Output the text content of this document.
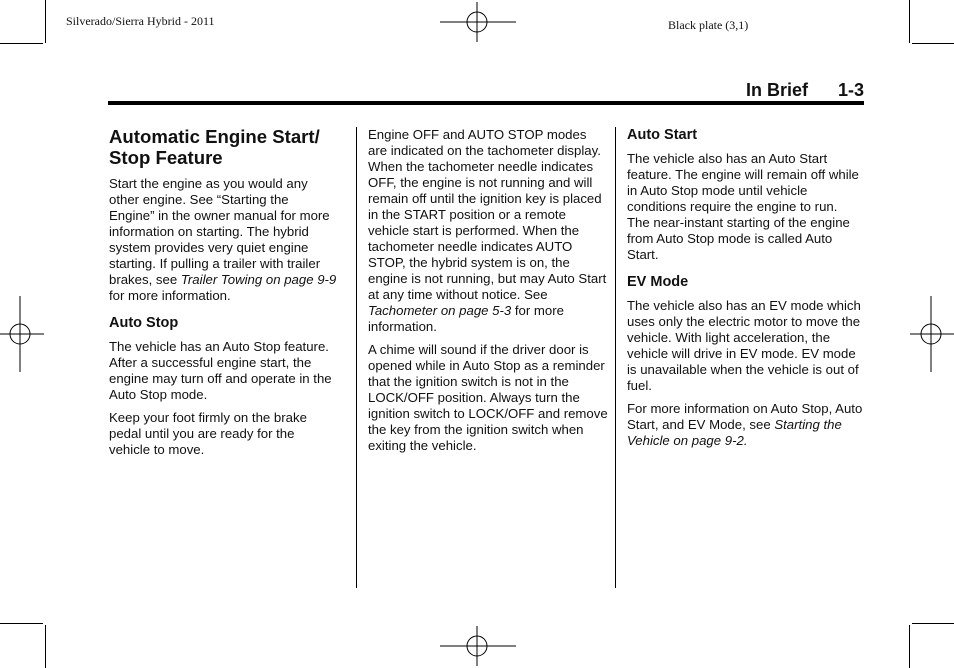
Silverado/Sierra Hybrid - 2011	Black plate (3,1)
In Brief 1-3
Automatic Engine Start/ Stop Feature

Start the engine as you would any other engine. See “Starting the Engine” in the owner manual for more information on starting. The hybrid system provides very quiet engine starting. If pulling a trailer with trailer brakes, see Trailer Towing on page 9-9 for more information.

Auto Stop

The vehicle has an Auto Stop feature. After a successful engine start, the engine may turn off and operate in the Auto Stop mode.

Keep your foot firmly on the brake pedal until you are ready for the vehicle to move.

Engine OFF and AUTO STOP modes are indicated on the tachometer display. When the tachometer needle indicates OFF, the engine is not running and will remain off until the ignition key is placed in the START position or a remote vehicle start is performed. When the tachometer needle indicates AUTO STOP, the hybrid system is on, the engine is not running, but may Auto Start at any time without notice. See Tachometer on page 5-3 for more information.

A chime will sound if the driver door is opened while in Auto Stop as a reminder that the ignition switch is not in the LOCK/OFF position. Always turn the ignition switch to LOCK/OFF and remove the key from the ignition switch when exiting the vehicle.

Auto Start

The vehicle also has an Auto Start feature. The engine will remain off while in Auto Stop mode until vehicle conditions require the engine to run. The near-instant starting of the engine from Auto Stop mode is called Auto Start.

EV Mode

The vehicle also has an EV mode which uses only the electric motor to move the vehicle. With light acceleration, the vehicle will drive in EV mode. EV mode is unavailable when the vehicle is out of fuel.

For more information on Auto Stop, Auto Start, and EV Mode, see Starting the Vehicle on page 9-2.
